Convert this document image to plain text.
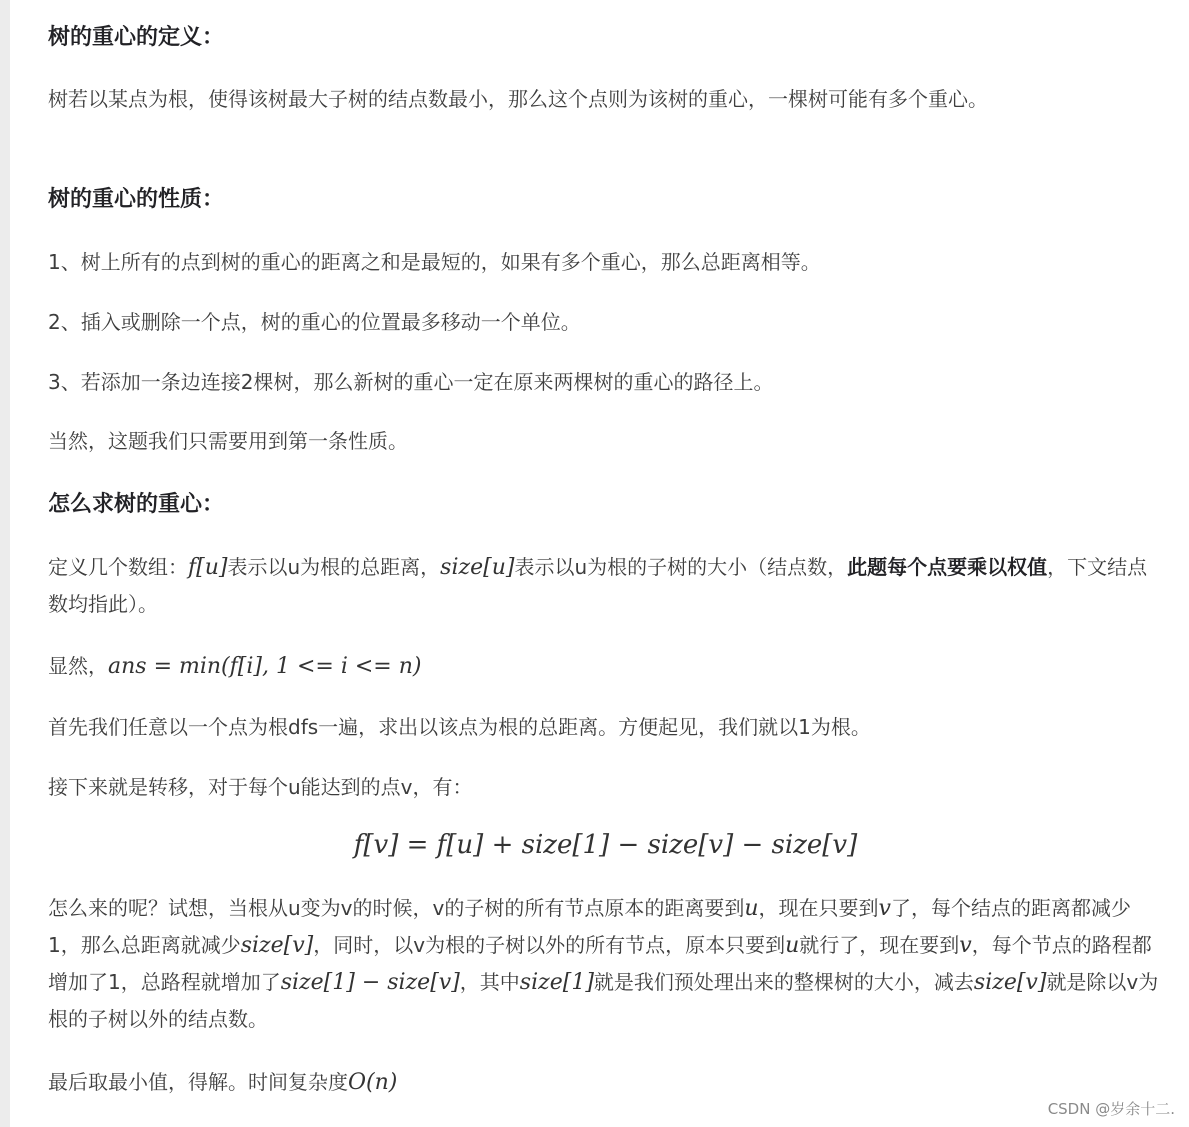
树的重心的定义：

树若以某点为根，使得该树最大子树的结点数最小，那么这个点则为该树的重心，一棵树可能有多个重心。

树的重心的性质：

1、树上所有的点到树的重心的距离之和是最短的，如果有多个重心，那么总距离相等。

2、插入或删除一个点，树的重心的位置最多移动一个单位。

3、若添加一条边连接2棵树，那么新树的重心一定在原来两棵树的重心的路径上。

当然，这题我们只需要用到第一条性质。

怎么求树的重心：

定义几个数组：f[u]表示以u为根的总距离，size[u]表示以u为根的子树的大小（结点数，此题每个点要乘以权值，下文结点数均指此）。

显然，ans = min(f[i], 1 <= i <= n)

首先我们任意以一个点为根dfs一遍，求出以该点为根的总距离。方便起见，我们就以1为根。

接下来就是转移，对于每个u能达到的点v，有：

f[v] = f[u] + size[1] − size[v] − size[v]

怎么来的呢？试想，当根从u变为v的时候，v的子树的所有节点原本的距离要到u，现在只要到v了，每个结点的距离都减少1，那么总距离就减少size[v]，同时，以v为根的子树以外的所有节点，原本只要到u就行了，现在要到v，每个节点的路程都增加了1，总路程就增加了size[1] − size[v]，其中size[1]就是我们预处理出来的整棵树的大小，减去size[v]就是除以v为根的子树以外的结点数。

最后取最小值，得解。时间复杂度O(n)

CSDN @岁余十二.
